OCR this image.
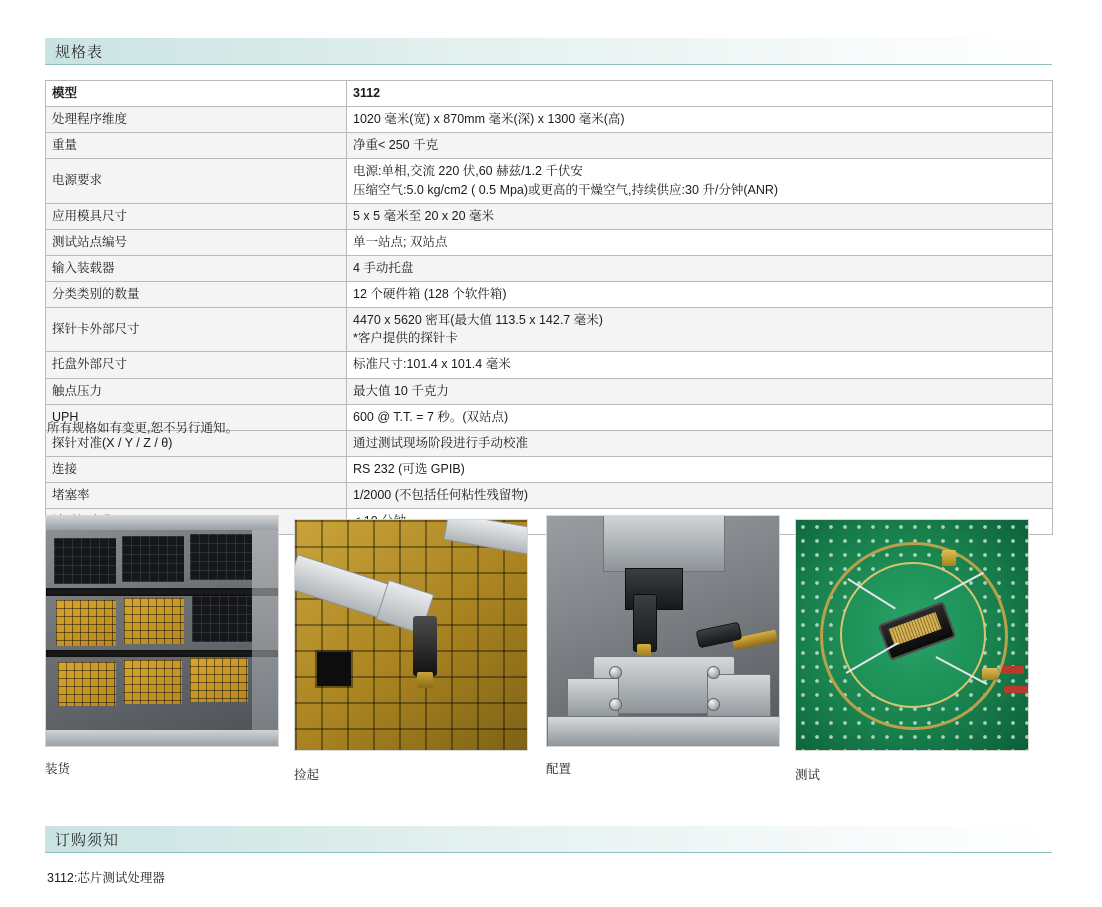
规格表
模型	3112
处理程序维度	1020 毫米(宽) x 870mm 毫米(深) x 1300 毫米(高)
重量	净重< 250 千克
电源要求	电源:单相,交流 220 伏,60 赫兹/1.2 千伏安
压缩空气:5.0 kg/cm2 ( 0.5 Mpa)或更高的干燥空气,持续供应:30 升/分钟(ANR)

应用模具尺寸	5 x 5 毫米至 20 x 20 毫米
测试站点编号	单一站点; 双站点
输入装载器	4 手动托盘
分类类别的数量	12 个硬件箱 (128 个软件箱)
探针卡外部尺寸	4470 x 5620 密耳(最大值 113.5 x 142.7 毫米)
*客户提供的探针卡

托盘外部尺寸	标准尺寸:101.4 x 101.4 毫米
触点压力	最大值 10 千克力
UPH	600 @ T.T. = 7 秒。(双站点)
探针对准(X / Y / Z / θ)	通过测试现场阶段进行手动校准
连接	RS 232 (可选 GPIB)
堵塞率	1/2000 (不包括任何粘性残留物)

所有规格如有变更,恕不另行通知。
装货	捡起	配置	测试
订购须知
3112:芯片测试处理器
